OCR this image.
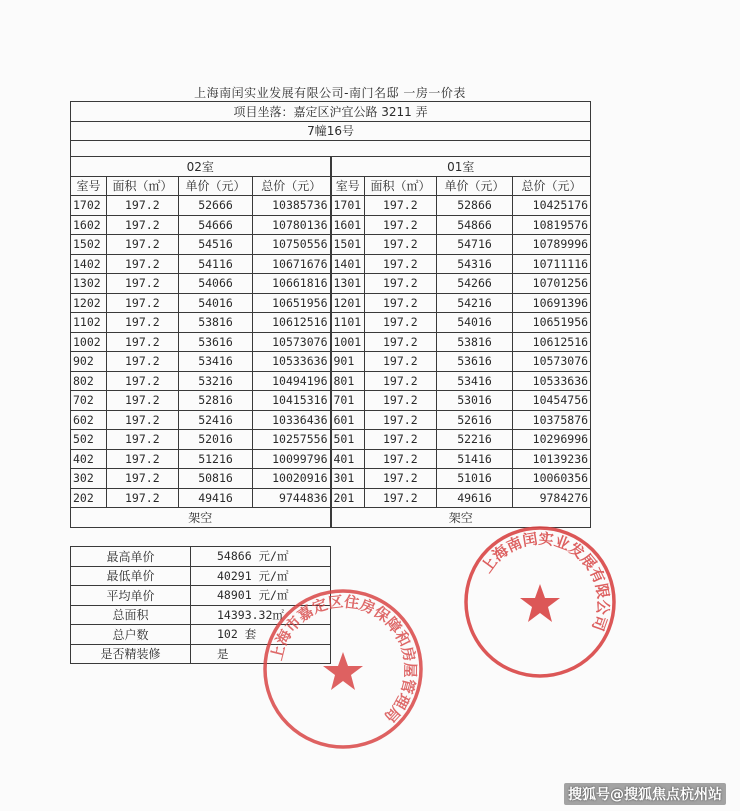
上海南闰实业发展有限公司-南门名邸 一房一价表
项目坐落：嘉定区沪宜公路 3211 弄							
7幢16号							

02室				01室			
室号	面积（㎡）	单价（元）	总价（元）	室号	面积（㎡）	单价（元）	总价（元）
1702	197.2	52666	10385736	1701	197.2	52866	10425176
1602	197.2	54666	10780136	1601	197.2	54866	10819576
1502	197.2	54516	10750556	1501	197.2	54716	10789996
1402	197.2	54116	10671676	1401	197.2	54316	10711116
1302	197.2	54066	10661816	1301	197.2	54266	10701256
1202	197.2	54016	10651956	1201	197.2	54216	10691396
1102	197.2	53816	10612516	1101	197.2	54016	10651956
1002	197.2	53616	10573076	1001	197.2	53816	10612516
902	197.2	53416	10533636	901	197.2	53616	10573076
802	197.2	53216	10494196	801	197.2	53416	10533636
702	197.2	52816	10415316	701	197.2	53016	10454756
602	197.2	52416	10336436	601	197.2	52616	10375876
502	197.2	52016	10257556	501	197.2	52216	10296996
402	197.2	51216	10099796	401	197.2	51416	10139236
302	197.2	50816	10020916	301	197.2	51016	10060356
202	197.2	49416	9744836	201	197.2	49616	9784276
架空				架空			
最高单价	54866 元/㎡
最低单价	40291 元/㎡
平均单价	48901 元/㎡
总面积	14393.32㎡
总户数	102 套
是否精装修	是
上海南闰实业发展有限公司
上海市嘉定区住房保障和房屋管理局
搜狐号@搜狐焦点杭州站
